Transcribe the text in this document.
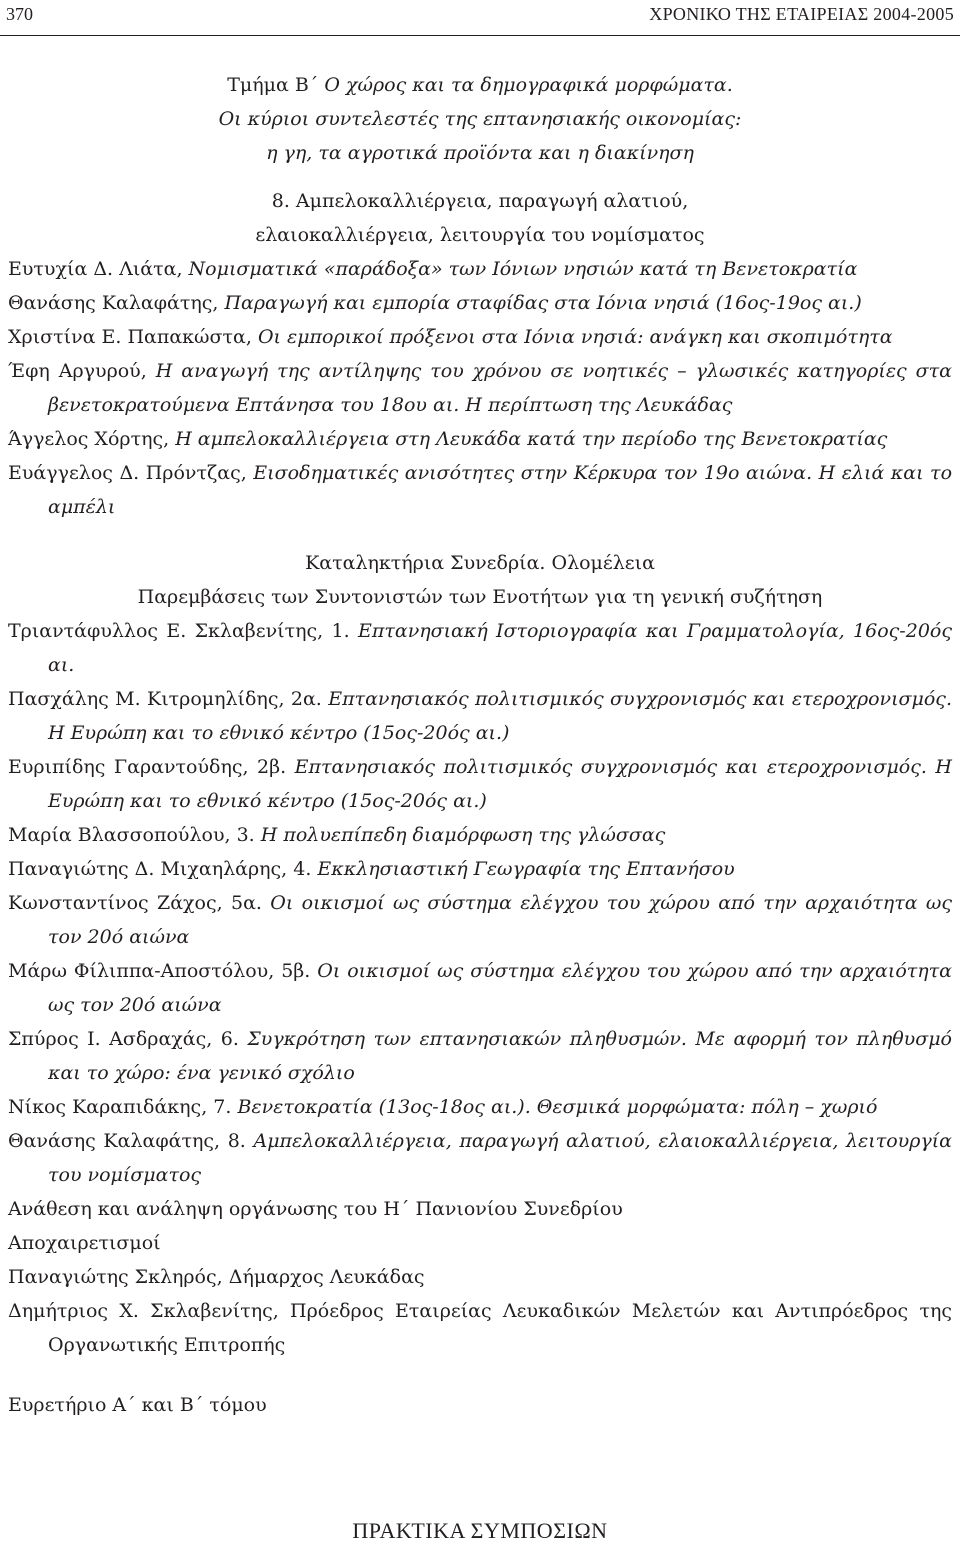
370	ΧΡΟΝΙΚΟ ΤΗΣ ΕΤΑΙΡΕΙΑΣ 2004-2005
Τμήμα Β΄ Ο χώρος και τα δημογραφικά μορφώματα.
Οι κύριοι συντελεστές της επτανησιακής οικονομίας:
η γη, τα αγροτικά προϊόντα και η διακίνηση
8. Αμπελοκαλλιέργεια, παραγωγή αλατιού,
ελαιοκαλλιέργεια, λειτουργία του νομίσματος
Ευτυχία Δ. Λιάτα, Νομισματικά «παράδοξα» των Ιόνιων νησιών κατά τη Βενετοκρατία
Θανάσης Καλαφάτης, Παραγωγή και εμπορία σταφίδας στα Ιόνια νησιά (16ος-19ος αι.)
Χριστίνα Ε. Παπακώστα, Οι εμπορικοί πρόξενοι στα Ιόνια νησιά: ανάγκη και σκοπιμότητα
Έφη Αργυρού, Η αναγωγή της αντίληψης του χρόνου σε νοητικές – γλωσικές κατηγορίες στα βενετοκρατούμενα Επτάνησα του 18ου αι. Η περίπτωση της Λευκάδας
Άγγελος Χόρτης, Η αμπελοκαλλιέργεια στη Λευκάδα κατά την περίοδο της Βενετοκρατίας
Ευάγγελος Δ. Πρόντζας, Εισοδηματικές ανισότητες στην Κέρκυρα τον 19ο αιώνα. Η ελιά και το αμπέλι
Καταληκτήρια Συνεδρία. Ολομέλεια
Παρεμβάσεις των Συντονιστών των Ενοτήτων για τη γενική συζήτηση
Τριαντάφυλλος Ε. Σκλαβενίτης, 1. Επτανησιακή Ιστοριογραφία και Γραμματολογία, 16ος-20ός αι.
Πασχάλης Μ. Κιτρομηλίδης, 2α. Επτανησιακός πολιτισμικός συγχρονισμός και ετεροχρονισμός. Η Ευρώπη και το εθνικό κέντρο (15ος-20ός αι.)
Ευριπίδης Γαραντούδης, 2β. Επτανησιακός πολιτισμικός συγχρονισμός και ετεροχρονισμός. Η Ευρώπη και το εθνικό κέντρο (15ος-20ός αι.)
Μαρία Βλασσοπούλου, 3. Η πολυεπίπεδη διαμόρφωση της γλώσσας
Παναγιώτης Δ. Μιχαηλάρης, 4. Εκκλησιαστική Γεωγραφία της Επτανήσου
Κωνσταντίνος Ζάχος, 5α. Οι οικισμοί ως σύστημα ελέγχου του χώρου από την αρχαιότητα ως τον 20ό αιώνα
Μάρω Φίλιππα-Αποστόλου, 5β. Οι οικισμοί ως σύστημα ελέγχου του χώρου από την αρχαιότητα ως τον 20ό αιώνα
Σπύρος Ι. Ασδραχάς, 6. Συγκρότηση των επτανησιακών πληθυσμών. Με αφορμή τον πληθυσμό και το χώρο: ένα γενικό σχόλιο
Νίκος Καραπιδάκης, 7. Βενετοκρατία (13ος-18ος αι.). Θεσμικά μορφώματα: πόλη – χωριό
Θανάσης Καλαφάτης, 8. Αμπελοκαλλιέργεια, παραγωγή αλατιού, ελαιοκαλλιέργεια, λειτουργία του νομίσματος
Ανάθεση και ανάληψη οργάνωσης του Η΄ Πανιονίου Συνεδρίου
Αποχαιρετισμοί
Παναγιώτης Σκληρός, Δήμαρχος Λευκάδας
Δημήτριος Χ. Σκλαβενίτης, Πρόεδρος Εταιρείας Λευκαδικών Μελετών και Αντιπρόεδρος της Οργανωτικής Επιτροπής
Ευρετήριο Α΄ και Β΄ τόμου
ΠΡΑΚΤΙΚΑ ΣΥΜΠΟΣΙΩΝ
